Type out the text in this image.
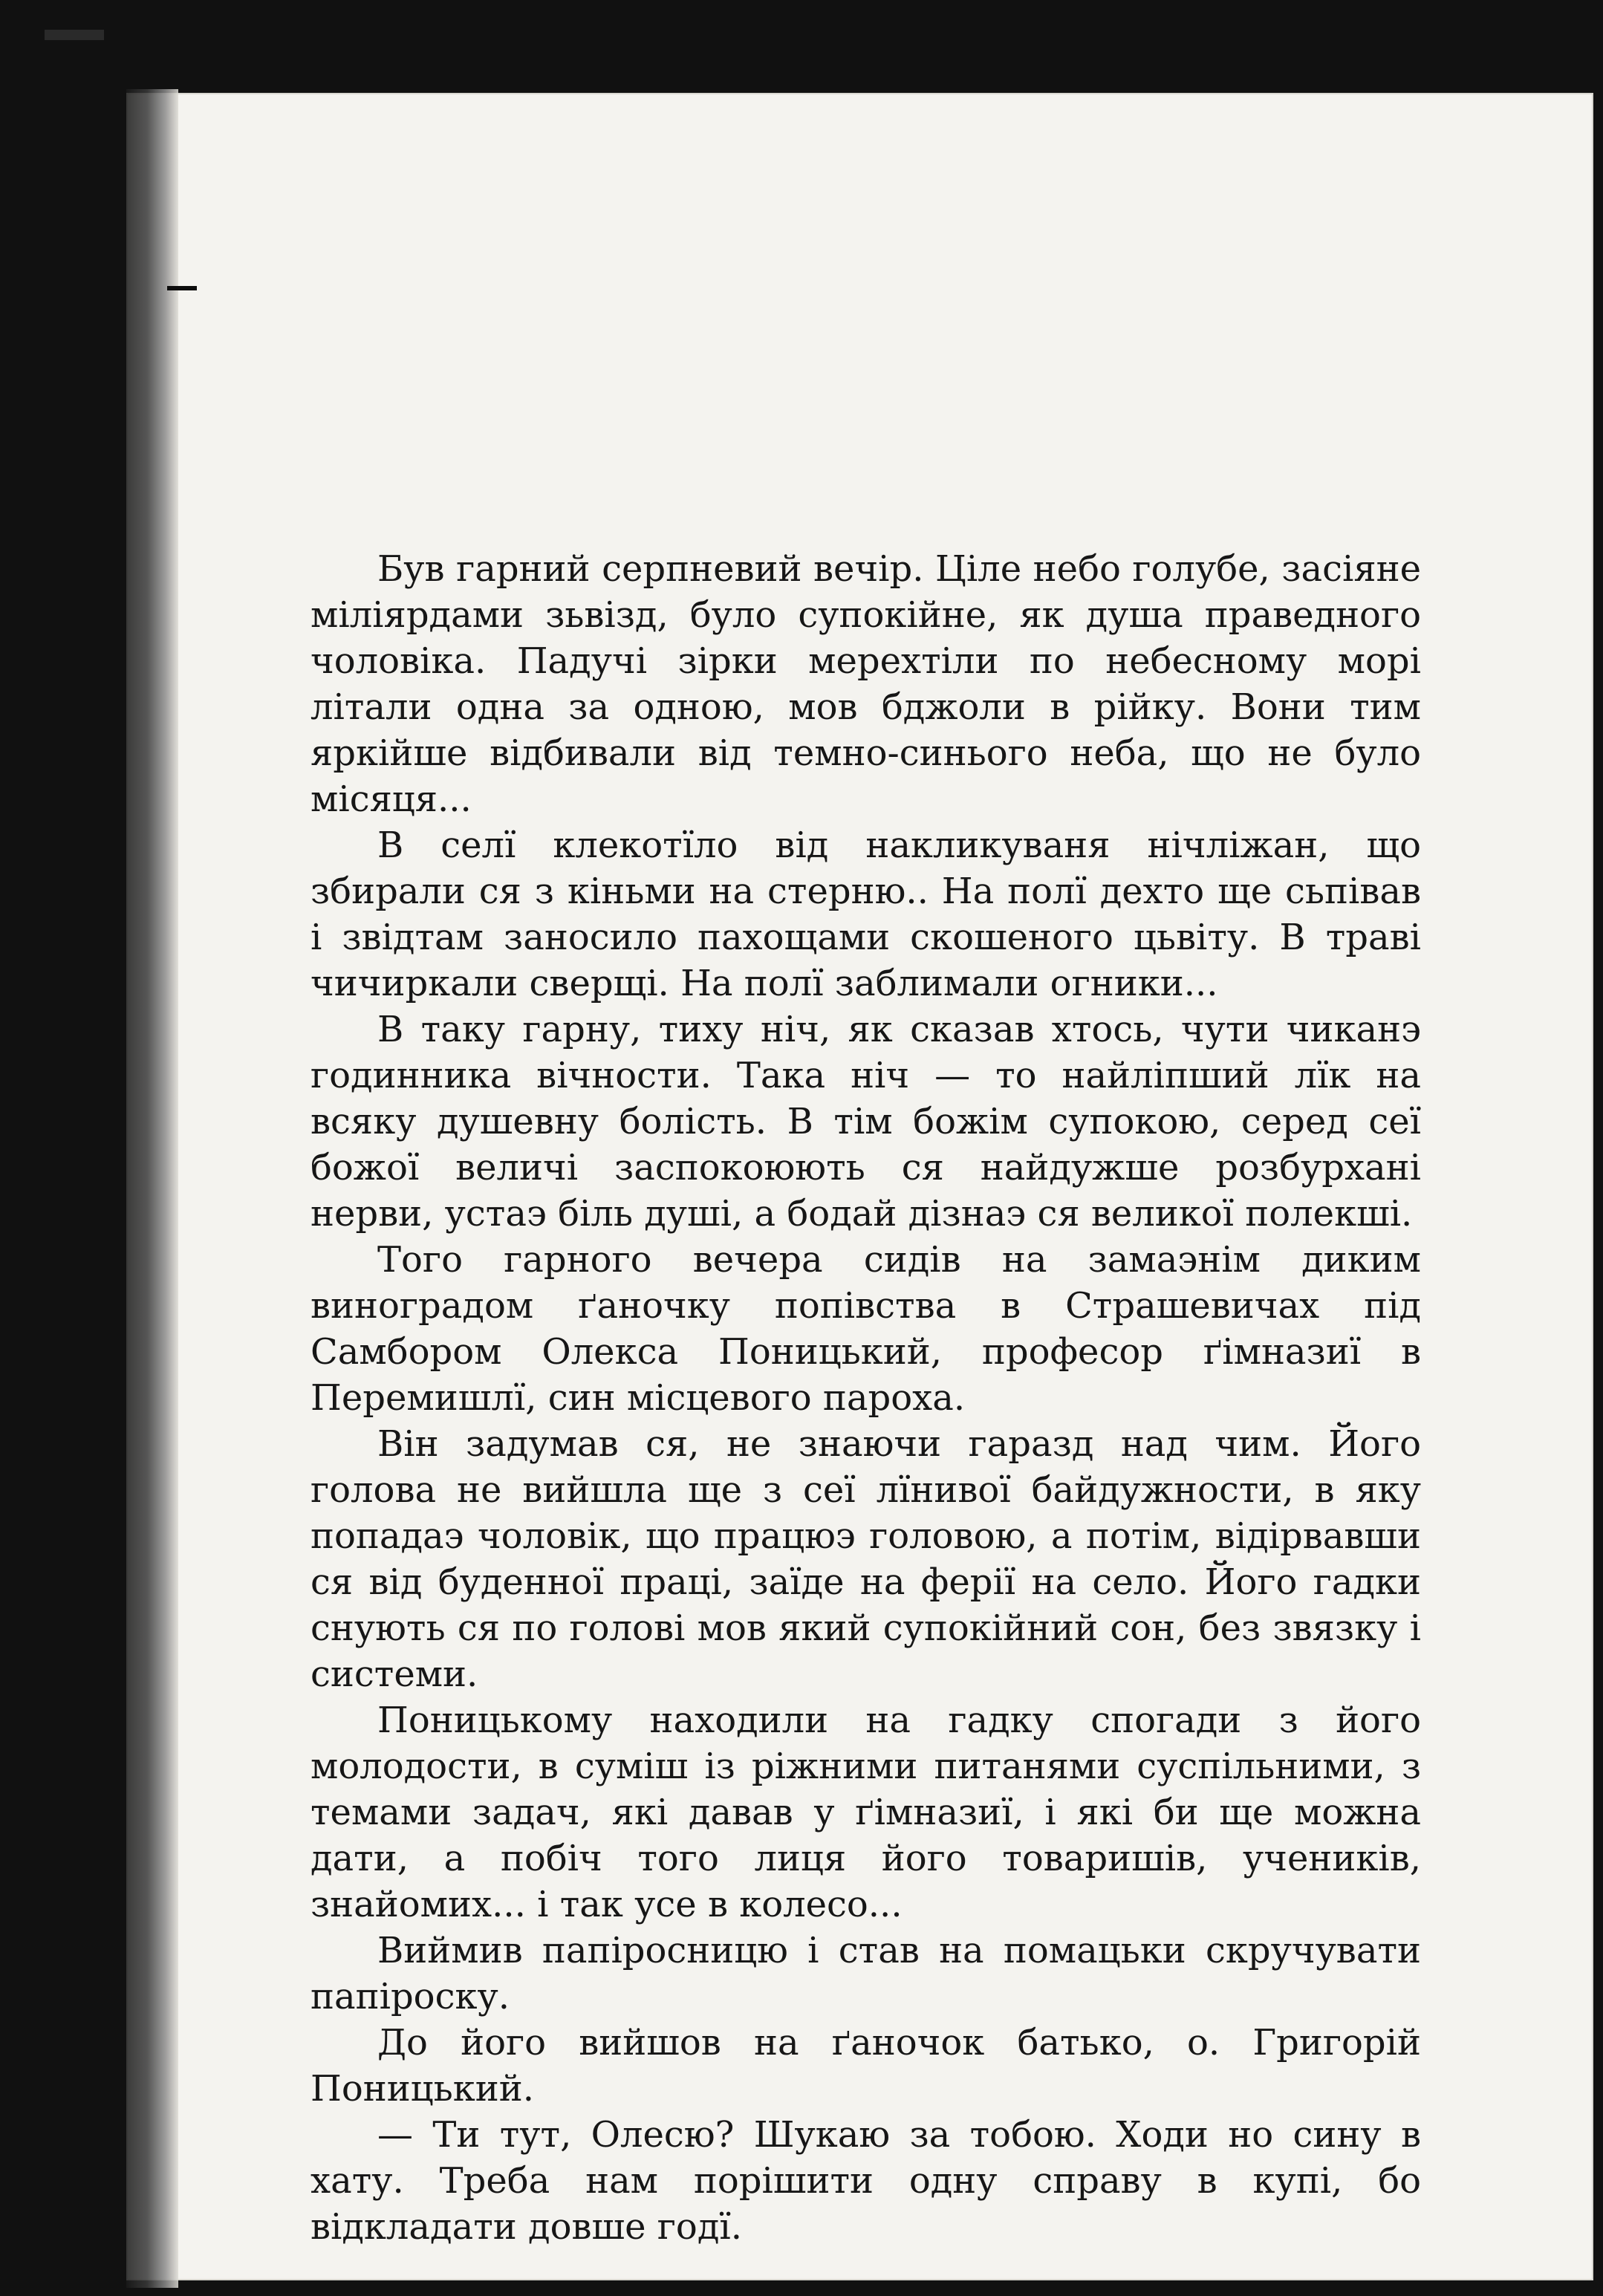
Був гарний серпневий вечір. Ціле небо голубе, засіяне міліярдами зьвізд, було супокійне, як душа праведного чоловіка. Падучі зірки мерехтіли по небесному морі літали одна за одною, мов бджоли в рійку. Вони тим яркійше відбивали від темно-синього неба, що не було місяця...

В селї клекотїло від накликуваня нічліжан, що збирали ся з кіньми на стерню.. На полї дехто ще сьпівав і звідтам заносило пахощами скошеного цьвіту. В траві чичиркали сверщі. На полї заблимали огники...

В таку гарну, тиху ніч, як сказав хтось, чути чиканэ годинника вічности. Така ніч — то найліпший лїк на всяку душевну болість. В тім божім супокою, серед сеї божої величі заспокоюють ся найдужше розбурхані нерви, устаэ біль душі, а бодай дізнаэ ся великої полекші.

Того гарного вечера сидів на замаэнім диким виноградом ґаночку попівства в Страшевичах під Самбором Олекса Поницький, професор ґімназиї в Перемишлї, син місцевого пароха.

Він задумав ся, не знаючи гаразд над чим. Його голова не вийшла ще з сеї лїнивої байдужности, в яку попадаэ чоловік, що працюэ головою, а потім, відірвавши ся від буденної праці, заїде на ферії на село. Його гадки снують ся по голові мов який супокійний сон, без звязку і системи.

Поницькому находили на гадку спогади з його молодости, в суміш із ріжними питанями суспільними, з темами задач, які давав у ґімназиї, і які би ще можна дати, а побіч того лиця його товаришів, учеників, знайомих... і так усе в колесо...

Виймив папіросницю і став на помацьки скручувати папіроску.

До його вийшов на ґаночок батько, о. Григорій Поницький.

— Ти тут, Олесю? Шукаю за тобою. Ходи но сину в хату. Треба нам порішити одну справу в купі, бо відкладати довше годї.
